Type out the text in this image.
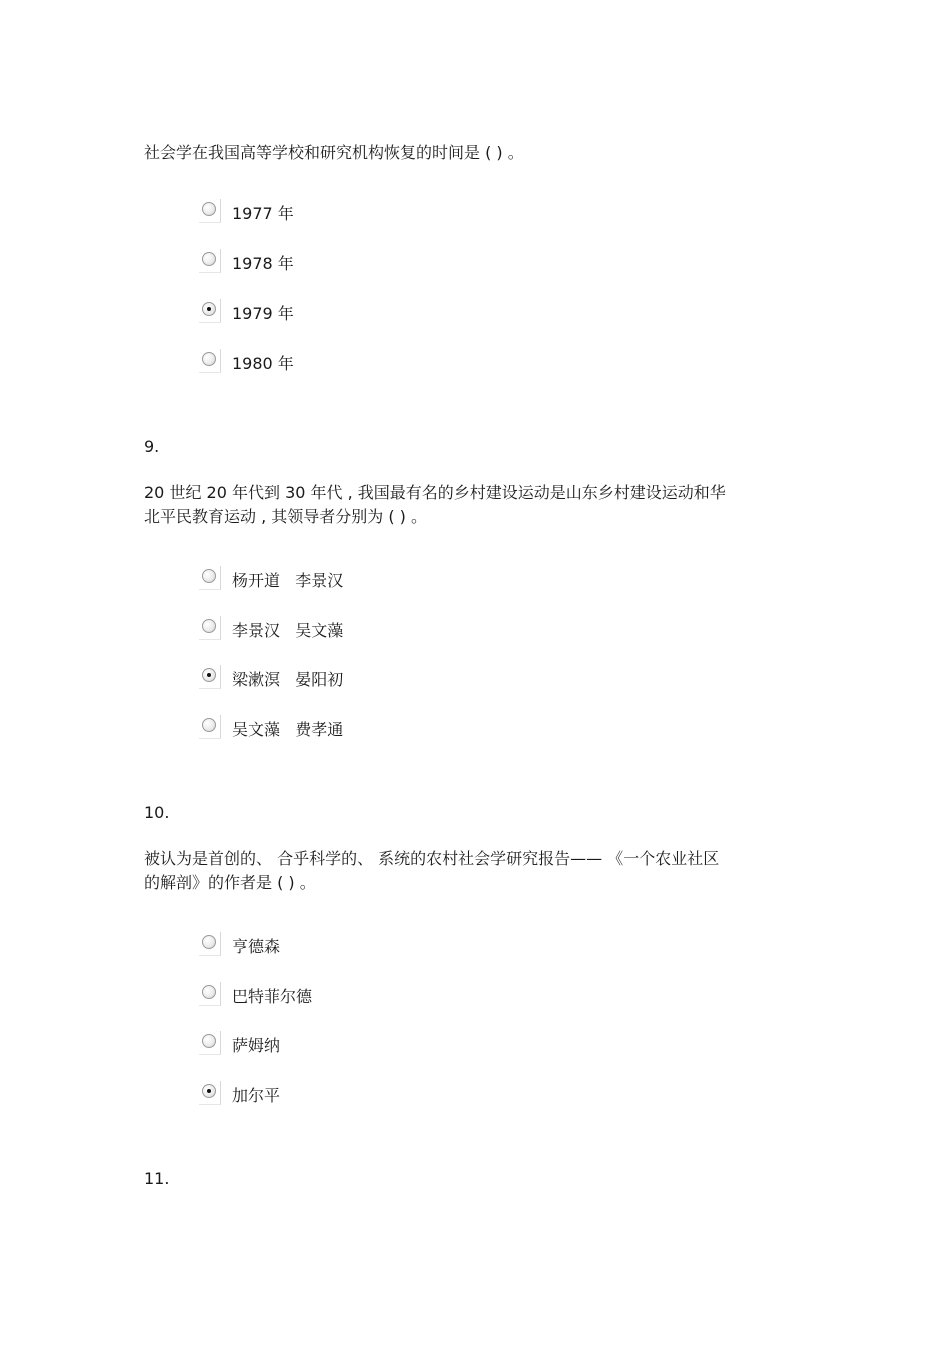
社会学在我国高等学校和研究机构恢复的时间是 ( ) 。
1977 年
1978 年
1979 年
1980 年
9.
20 世纪 20 年代到 30 年代 , 我国最有名的乡村建设运动是山东乡村建设运动和华
北平民教育运动 , 其领导者分别为 ( ) 。
杨开道   李景汉
李景汉   吴文藻
梁漱溟   晏阳初
吴文藻   费孝通
10.
被认为是首创的、 合乎科学的、 系统的农村社会学研究报告—— 《一个农业社区
的解剖》的作者是 ( ) 。
亨德森
巴特菲尔德
萨姆纳
加尔平
11.
